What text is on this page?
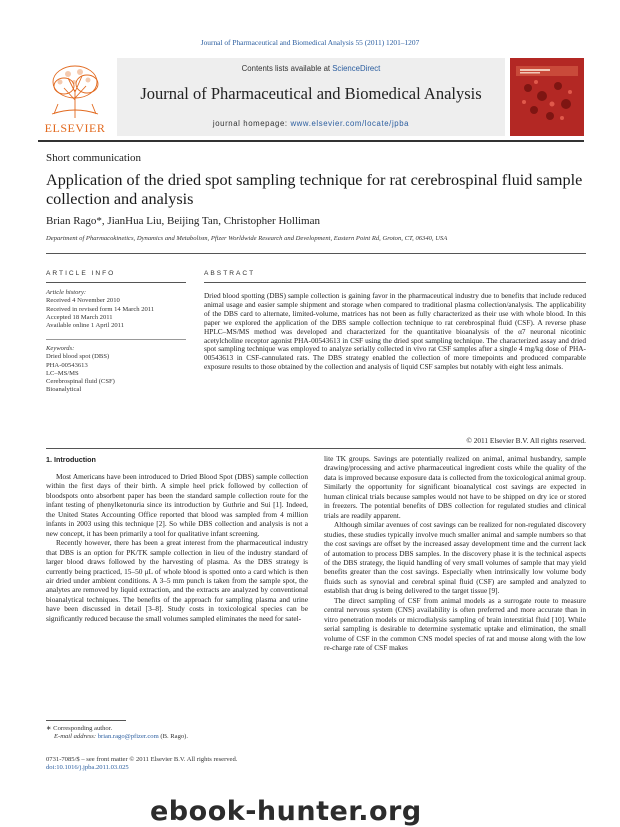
Journal of Pharmaceutical and Biomedical Analysis 55 (2011) 1201–1207
ELSEVIER
Contents lists available at ScienceDirect
Journal of Pharmaceutical and Biomedical Analysis
journal homepage: www.elsevier.com/locate/jpba
Short communication
Application of the dried spot sampling technique for rat cerebrospinal fluid sample collection and analysis
Brian Rago*, JianHua Liu, Beijing Tan, Christopher Holliman
Department of Pharmacokinetics, Dynamics and Metabolism, Pfizer Worldwide Research and Development, Eastern Point Rd, Groton, CT, 06340, USA
ARTICLE INFO
Article history:
Received 4 November 2010
Received in revised form 14 March 2011
Accepted 18 March 2011
Available online 1 April 2011
Keywords:
Dried blood spot (DBS)
PHA-00543613
LC–MS/MS
Cerebrospinal fluid (CSF)
Bioanalytical
ABSTRACT
Dried blood spotting (DBS) sample collection is gaining favor in the pharmaceutical industry due to benefits that include reduced animal usage and easier sample shipment and storage when compared to traditional plasma collection/analysis. The applicability of the DBS card to alternate, limited-volume, matrices has not been as fully characterized as their use with whole blood. In this paper we explored the application of the DBS sample collection technique to rat cerebrospinal fluid (CSF). A reverse phase HPLC–MS/MS method was developed and characterized for the quantitative bioanalysis of the α7 neuronal nicotinic acetylcholine receptor agonist PHA-00543613 in CSF using the dried spot sampling technique. The characterized assay and dried spot sampling technique was employed to analyze serially collected in vivo rat CSF samples after a single 4 mg/kg dose of PHA-00543613 in CSF-cannulated rats. The DBS strategy enabled the collection of more timepoints and produced comparable exposure results to those obtained by the collection and analysis of liquid CSF samples but notably with eight less animals.
© 2011 Elsevier B.V. All rights reserved.
1. Introduction

Most Americans have been introduced to Dried Blood Spot (DBS) sample collection within the first days of their birth. A simple heel prick followed by collection of bloodspots onto absorbent paper has been the standard sample collection route for the infant testing of phenylketonuria since its introduction by Guthrie and Sui [1]. Indeed, the United States Accounting Office reported that blood was sampled from 4 million infants in 2003 using this technique [2]. So while DBS collection and analysis is not a new concept, it has been primarily a tool for qualitative infant screening.

Recently however, there has been a great interest from the pharmaceutical industry that DBS is an option for PK/TK sample collection in lieu of the industry standard of larger blood draws followed by the harvesting of plasma. As the DBS strategy is currently being practiced, 15–50 μL of whole blood is spotted onto a card which is then air dried under ambient conditions. A 3–5 mm punch is taken from the sample spot, the analytes are removed by liquid extraction, and the extracts are analyzed by conventional bioanalytical techniques. The benefits of the approach for sampling plasma and urine have been discussed in detail [3–8]. Study costs in toxicological species can be significantly reduced because the small volumes sampled eliminates the need for satel-

lite TK groups. Savings are potentially realized on animal, animal husbandry, sample drawing/processing and active pharmaceutical ingredient costs while the quality of the data is improved because exposure data is collected from the toxicological animal group. Similarly the opportunity for significant bioanalytical cost savings are expected in human clinical trials because samples would not have to be shipped on dry ice or stored in freezers. The potential benefits of DBS collection for regulated studies and clinical trials are readily apparent.

Although similar avenues of cost savings can be realized for non-regulated discovery studies, these studies typically involve much smaller animal and sample numbers so that the cost savings are offset by the increased assay development time and the current lack of automation to process DBS samples. In the discovery phase it is the technical aspects of the DBS strategy, the liquid handling of very small volumes of sample that may yield benefits greater than the cost savings. Especially when intrinsically low volume body fluids such as synovial and cerebral spinal fluid (CSF) are sampled and analyzed to establish that drug is being delivered to the target tissue [9].

The direct sampling of CSF from animal models as a surrogate route to measure central nervous system (CNS) availability is often preferred and more accurate than in vitro penetration models or microdialysis sampling of brain interstitial fluid [10]. While serial sampling is desirable to determine systematic uptake and elimination, the small volume of CSF in the common CNS model species of rat and mouse along with the low re-charge rate of CSF makes

∗ Corresponding author.
E-mail address: brian.rago@pfizer.com (B. Rago).
0731-7085/$ – see front matter © 2011 Elsevier B.V. All rights reserved.
doi:10.1016/j.jpba.2011.03.025
ebook-hunter.org
